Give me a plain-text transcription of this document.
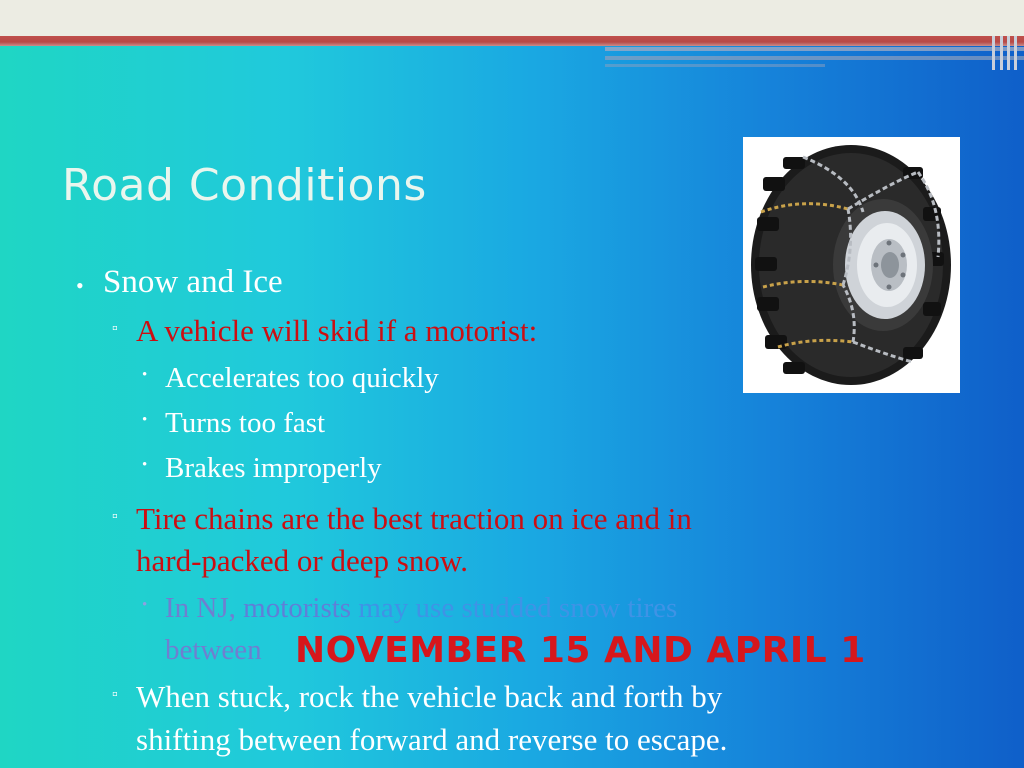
Road Conditions
• Snow and Ice
▫ A vehicle will skid if a motorist:
• Accelerates too quickly
• Turns too fast
• Brakes improperly
▫ Tire chains are the best traction on ice and in
hard-packed or deep snow.
• In NJ, motorists may use studded snow tires
between NOVEMBER 15 AND APRIL 1
▫ When stuck, rock the vehicle back and forth by
shifting between forward and reverse to escape.
